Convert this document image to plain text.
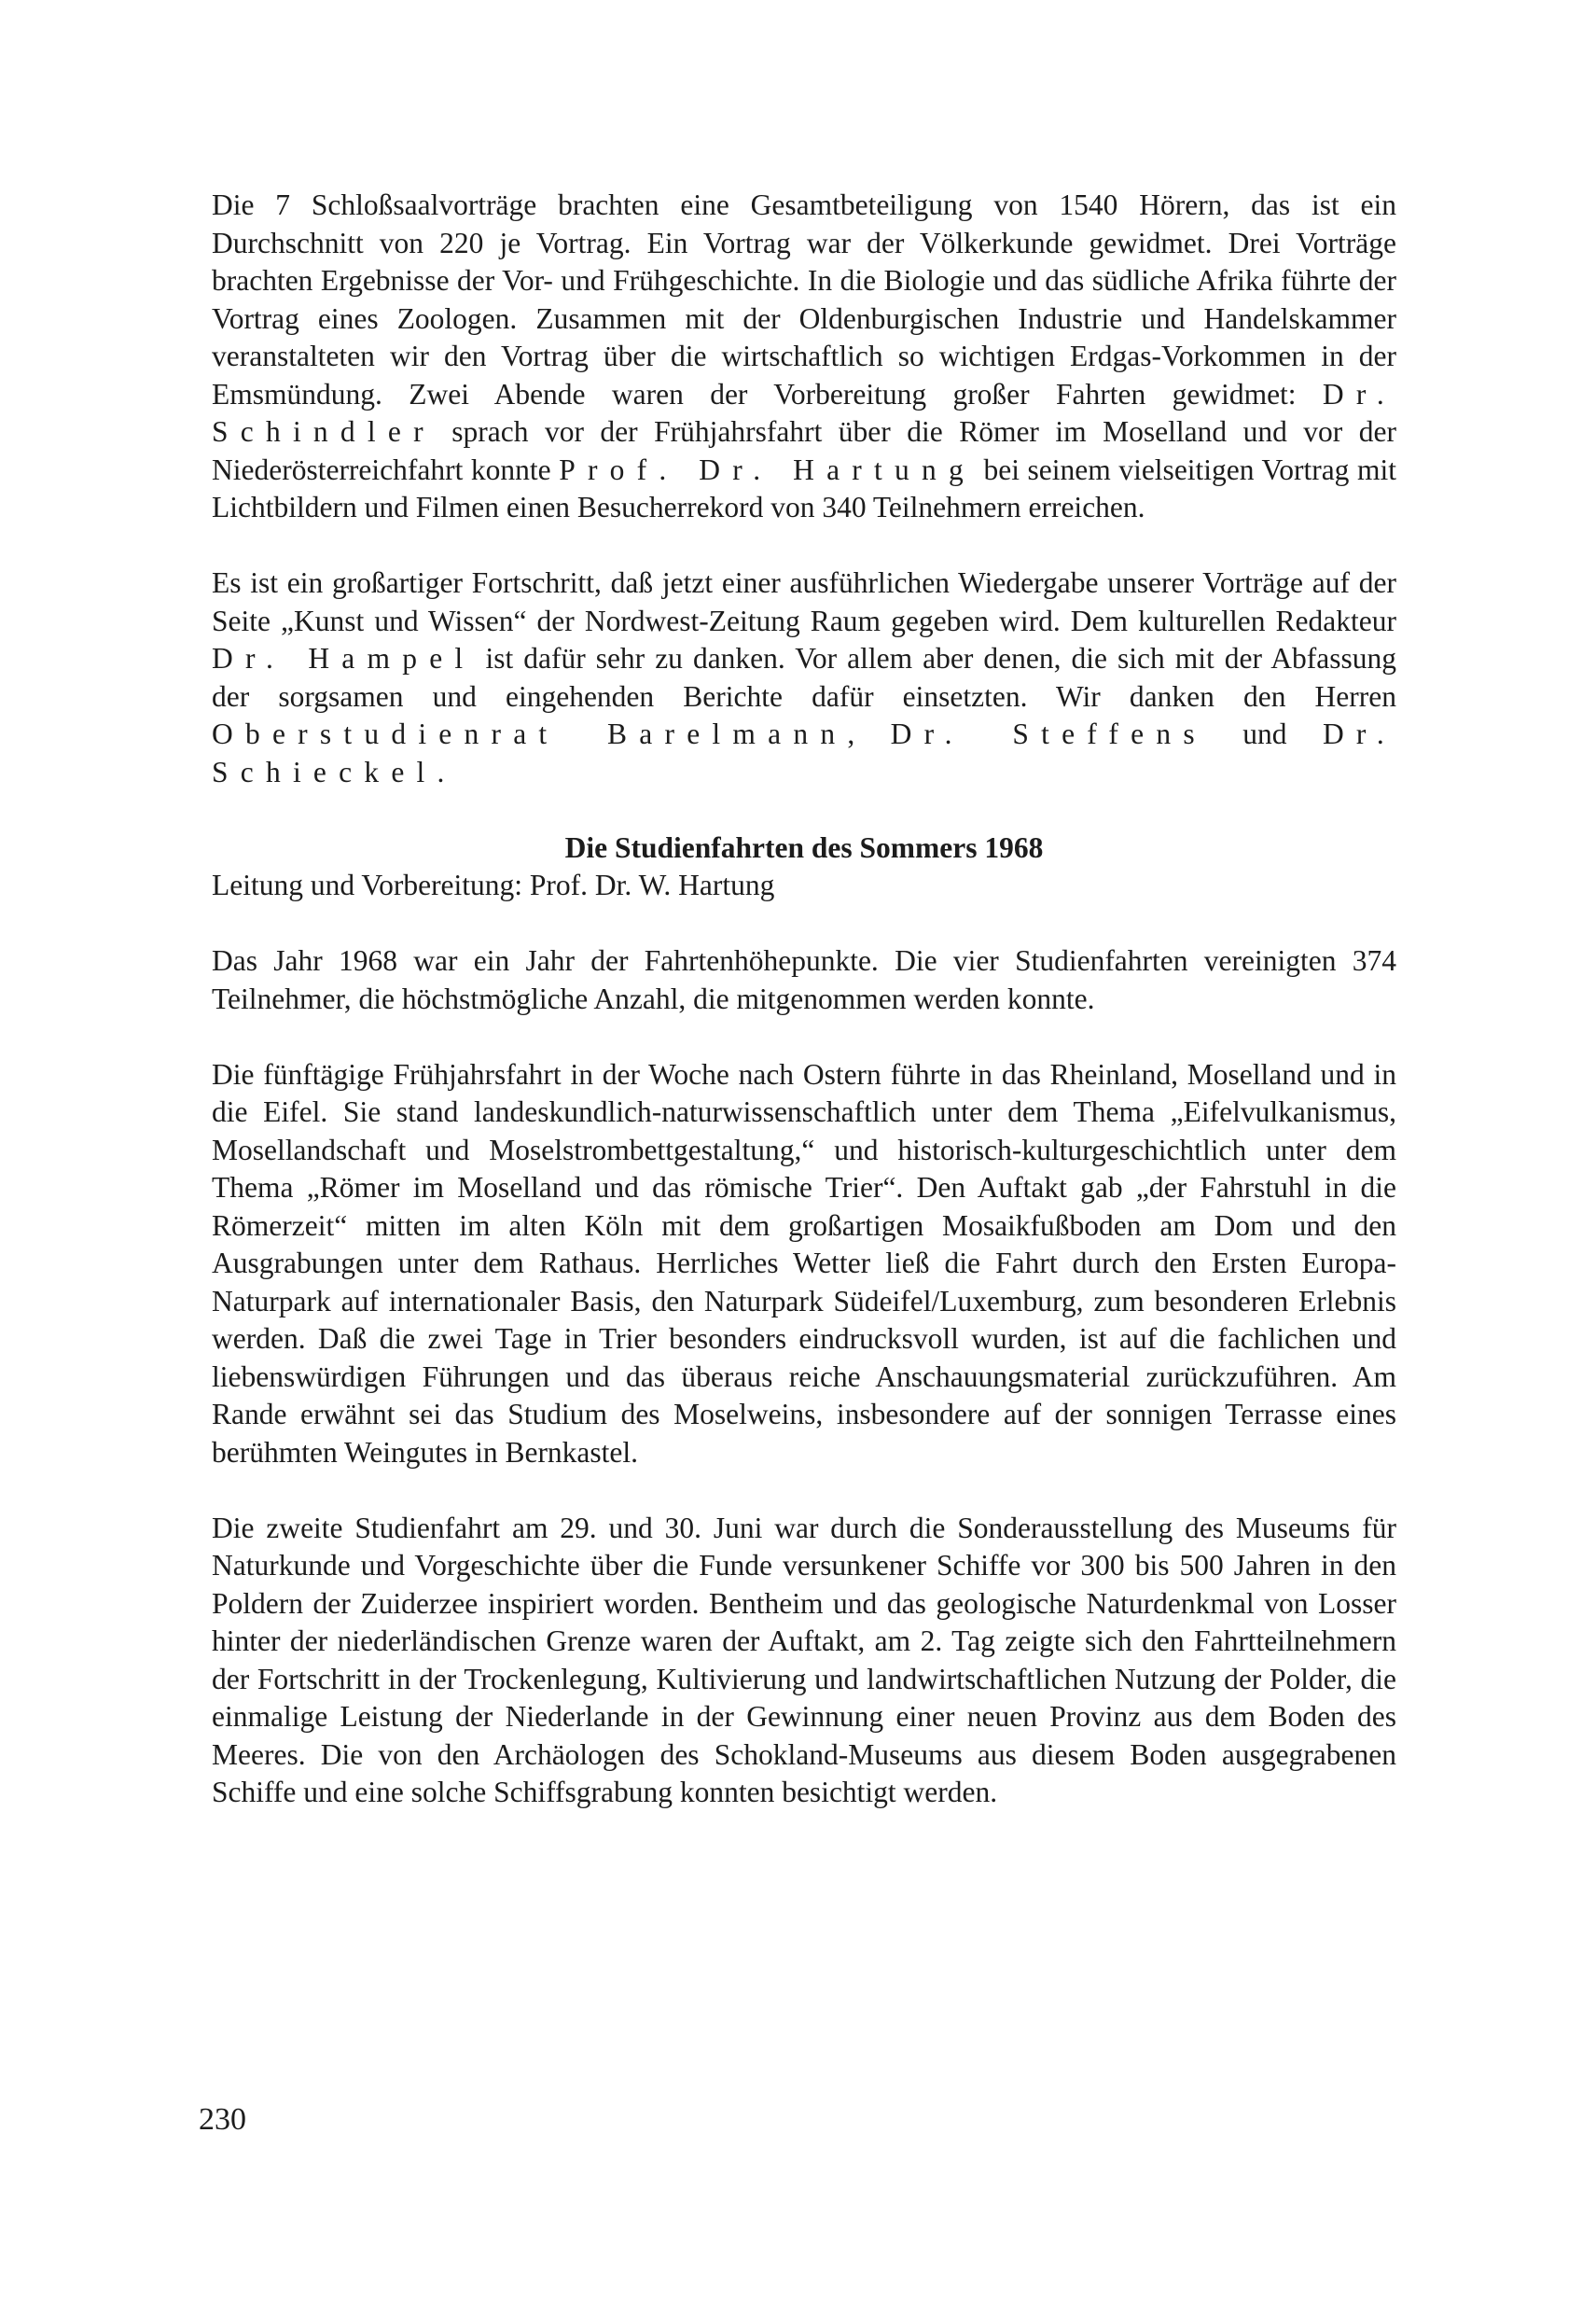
Die 7 Schloßsaalvorträge brachten eine Gesamtbeteiligung von 1540 Hörern, das ist ein Durchschnitt von 220 je Vortrag. Ein Vortrag war der Völkerkunde gewidmet. Drei Vorträge brachten Ergebnisse der Vor- und Frühgeschichte. In die Biologie und das südliche Afrika führte der Vortrag eines Zoologen. Zusammen mit der Oldenburgischen Industrie und Handelskammer veranstalteten wir den Vortrag über die wirtschaftlich so wichtigen Erdgas-Vorkommen in der Emsmündung. Zwei Abende waren der Vorbereitung großer Fahrten gewidmet: Dr. Schindler sprach vor der Frühjahrsfahrt über die Römer im Moselland und vor der Niederösterreichfahrt konnte Prof. Dr. Hartung bei seinem vielseitigen Vortrag mit Lichtbildern und Filmen einen Besucherrekord von 340 Teilnehmern erreichen.

Es ist ein großartiger Fortschritt, daß jetzt einer ausführlichen Wiedergabe unserer Vorträge auf der Seite „Kunst und Wissen“ der Nordwest-Zeitung Raum gegeben wird. Dem kulturellen Redakteur Dr. Hampel ist dafür sehr zu danken. Vor allem aber denen, die sich mit der Abfassung der sorgsamen und eingehenden Berichte dafür einsetzten. Wir danken den Herren Oberstudienrat Barelmann, Dr. Steffens und Dr. Schieckel.

Die Studienfahrten des Sommers 1968

Leitung und Vorbereitung: Prof. Dr. W. Hartung

Das Jahr 1968 war ein Jahr der Fahrtenhöhepunkte. Die vier Studienfahrten vereinigten 374 Teilnehmer, die höchstmögliche Anzahl, die mitgenommen werden konnte.

Die fünftägige Frühjahrsfahrt in der Woche nach Ostern führte in das Rheinland, Moselland und in die Eifel. Sie stand landeskundlich-naturwissenschaftlich unter dem Thema „Eifelvulkanismus, Mosellandschaft und Moselstrombettgestaltung,“ und historisch-kulturgeschichtlich unter dem Thema „Römer im Moselland und das römische Trier“. Den Auftakt gab „der Fahrstuhl in die Römerzeit“ mitten im alten Köln mit dem großartigen Mosaikfußboden am Dom und den Ausgrabungen unter dem Rathaus. Herrliches Wetter ließ die Fahrt durch den Ersten Europa-Naturpark auf internationaler Basis, den Naturpark Südeifel/Luxemburg, zum besonderen Erlebnis werden. Daß die zwei Tage in Trier besonders eindrucksvoll wurden, ist auf die fachlichen und liebenswürdigen Führungen und das überaus reiche Anschauungsmaterial zurückzuführen. Am Rande erwähnt sei das Studium des Moselweins, insbesondere auf der sonnigen Terrasse eines berühmten Weingutes in Bernkastel.

Die zweite Studienfahrt am 29. und 30. Juni war durch die Sonderausstellung des Museums für Naturkunde und Vorgeschichte über die Funde versunkener Schiffe vor 300 bis 500 Jahren in den Poldern der Zuiderzee inspiriert worden. Bentheim und das geologische Naturdenkmal von Losser hinter der niederländischen Grenze waren der Auftakt, am 2. Tag zeigte sich den Fahrtteilnehmern der Fortschritt in der Trockenlegung, Kultivierung und landwirtschaftlichen Nutzung der Polder, die einmalige Leistung der Niederlande in der Gewinnung einer neuen Provinz aus dem Boden des Meeres. Die von den Archäologen des Schokland-Museums aus diesem Boden ausgegrabenen Schiffe und eine solche Schiffsgrabung konnten besichtigt werden.

230
